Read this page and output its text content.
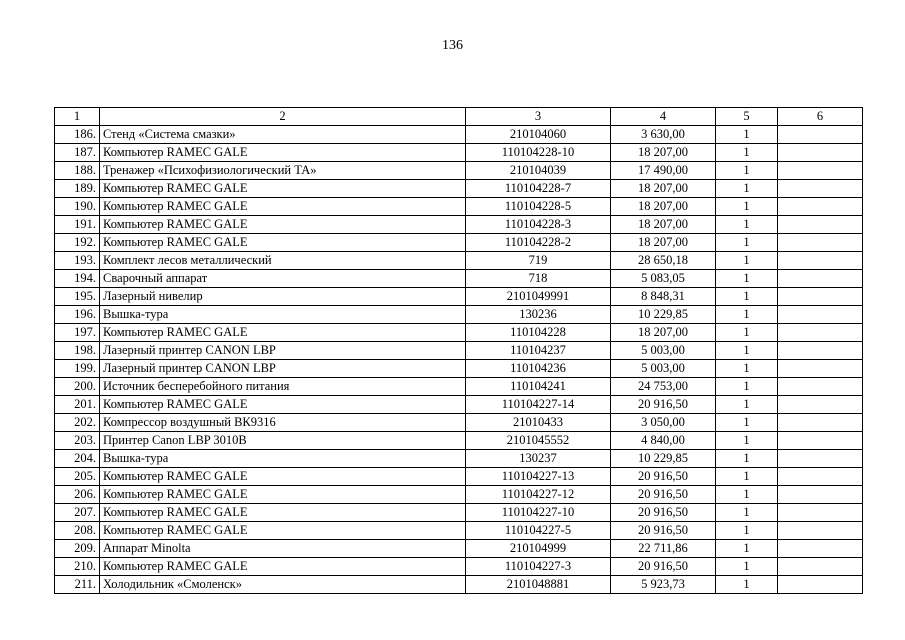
136
1	2	3	4	5	6
186.	Стенд «Система смазки»	210104060	3 630,00	1	
187.	Компьютер RAMEC GALE	110104228-10	18 207,00	1	
188.	Тренажер «Психофизиологический ТА»	210104039	17 490,00	1	
189.	Компьютер RAMEC GALE	110104228-7	18 207,00	1	
190.	Компьютер RAMEC GALE	110104228-5	18 207,00	1	
191.	Компьютер RAMEC GALE	110104228-3	18 207,00	1	
192.	Компьютер RAMEC GALE	110104228-2	18 207,00	1	
193.	Комплект лесов металлический	719	28 650,18	1	
194.	Сварочный аппарат	718	5 083,05	1	
195.	Лазерный нивелир	2101049991	8 848,31	1	
196.	Вышка-тура	130236	10 229,85	1	
197.	Компьютер RAMEC GALE	110104228	18 207,00	1	
198.	Лазерный принтер CANON LBP	110104237	5 003,00	1	
199.	Лазерный принтер CANON LBP	110104236	5 003,00	1	
200.	Источник бесперебойного питания	110104241	24 753,00	1	
201.	Компьютер RAMEC GALE	110104227-14	20 916,50	1	
202.	Компрессор воздушный ВК9316	21010433	3 050,00	1	
203.	Принтер Canon LBP 3010B	2101045552	4 840,00	1	
204.	Вышка-тура	130237	10 229,85	1	
205.	Компьютер RAMEC GALE	110104227-13	20 916,50	1	
206.	Компьютер RAMEC GALE	110104227-12	20 916,50	1	
207.	Компьютер RAMEC GALE	110104227-10	20 916,50	1	
208.	Компьютер RAMEC GALE	110104227-5	20 916,50	1	
209.	Аппарат Minolta	210104999	22 711,86	1	
210.	Компьютер RAMEC GALE	110104227-3	20 916,50	1	
211.	Холодильник «Смоленск»	2101048881	5 923,73	1	
